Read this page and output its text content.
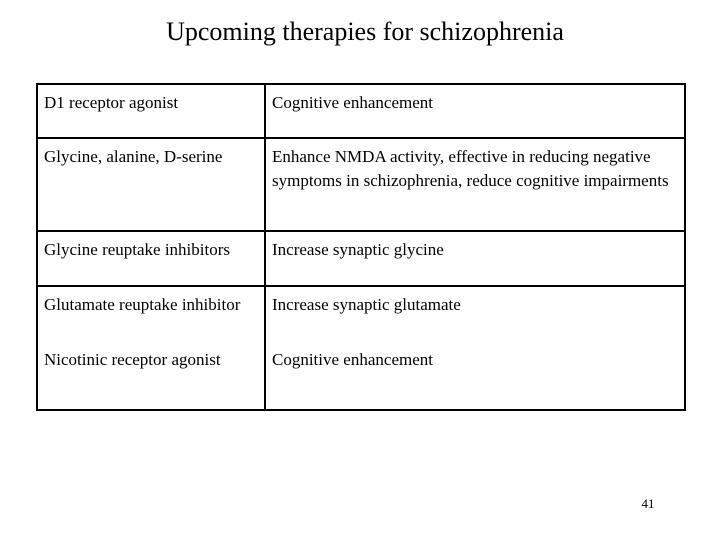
Upcoming therapies for schizophrenia
D1 receptor agonist	Cognitive enhancement
Glycine, alanine, D-serine	Enhance NMDA activity, effective in reducing negative symptoms in schizophrenia, reduce cognitive impairments
Glycine reuptake inhibitors	Increase synaptic glycine
Glutamate reuptake inhibitor	Increase synaptic glutamate
Nicotinic receptor agonist	Cognitive enhancement
41
